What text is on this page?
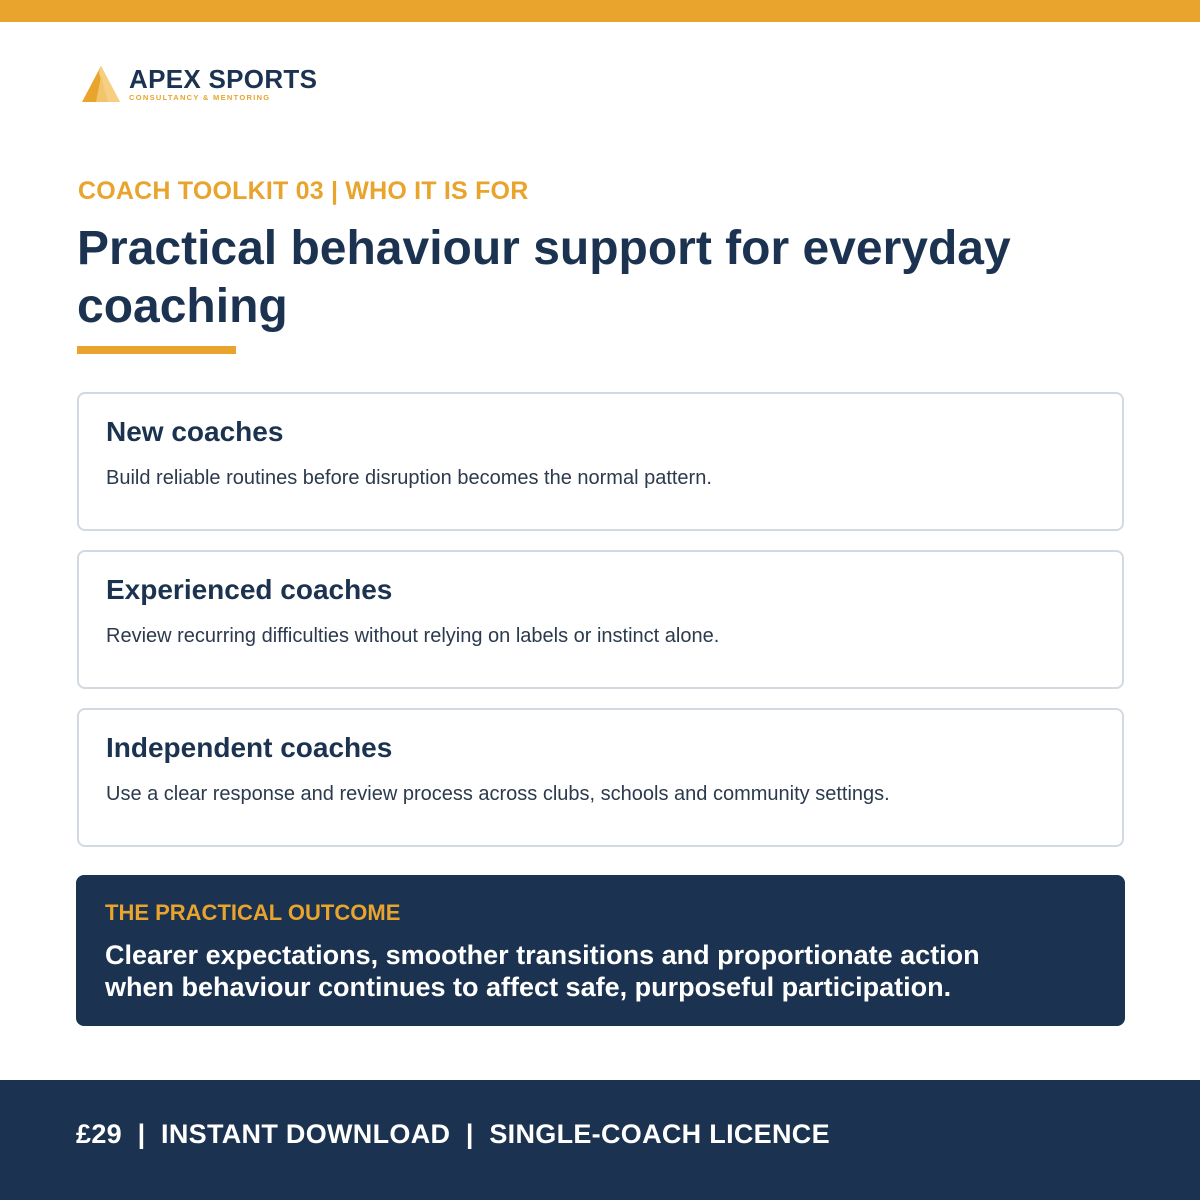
APEX SPORTS
CONSULTANCY & MENTORING
COACH TOOLKIT 03 | WHO IT IS FOR
Practical behaviour support for everyday coaching
New coaches
Build reliable routines before disruption becomes the normal pattern.
Experienced coaches
Review recurring difficulties without relying on labels or instinct alone.
Independent coaches
Use a clear response and review process across clubs, schools and community settings.
THE PRACTICAL OUTCOME
Clearer expectations, smoother transitions and proportionate action
when behaviour continues to affect safe, purposeful participation.
£29 | INSTANT DOWNLOAD | SINGLE-COACH LICENCE
